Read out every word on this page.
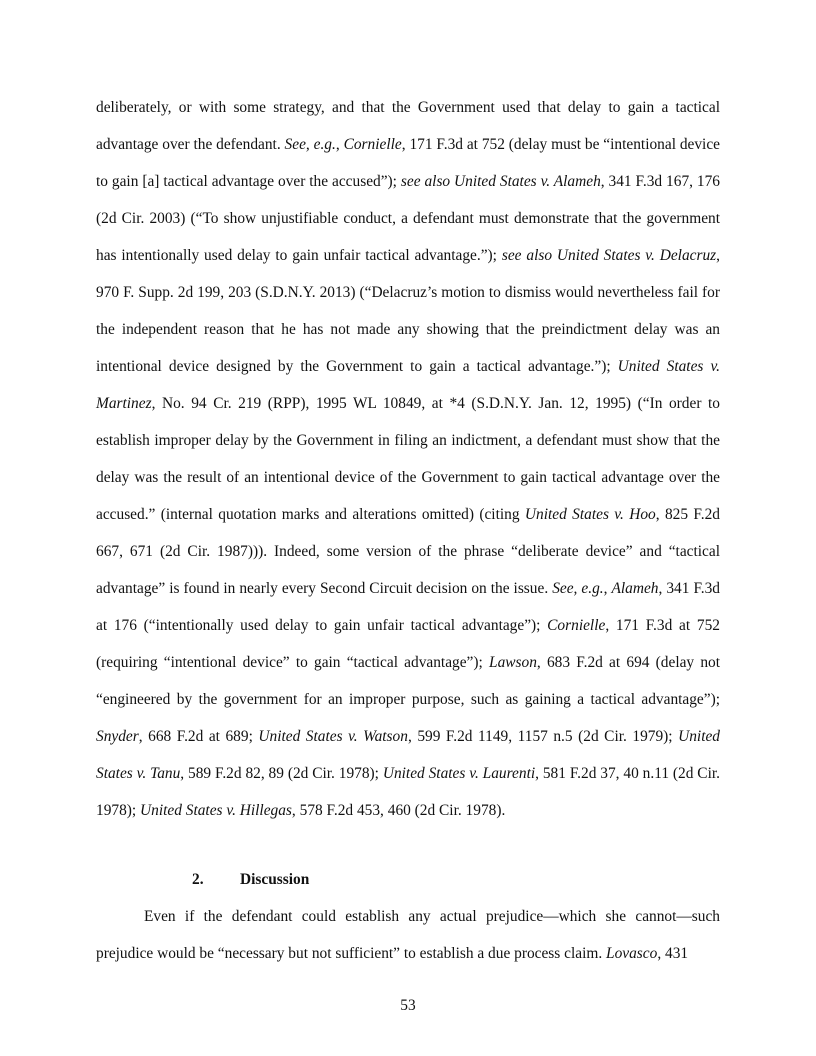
deliberately, or with some strategy, and that the Government used that delay to gain a tactical advantage over the defendant. See, e.g., Cornielle, 171 F.3d at 752 (delay must be “intentional device to gain [a] tactical advantage over the accused”); see also United States v. Alameh, 341 F.3d 167, 176 (2d Cir. 2003) (“To show unjustifiable conduct, a defendant must demonstrate that the government has intentionally used delay to gain unfair tactical advantage.”); see also United States v. Delacruz, 970 F. Supp. 2d 199, 203 (S.D.N.Y. 2013) (“Delacruz’s motion to dismiss would nevertheless fail for the independent reason that he has not made any showing that the preindictment delay was an intentional device designed by the Government to gain a tactical advantage.”); United States v. Martinez, No. 94 Cr. 219 (RPP), 1995 WL 10849, at *4 (S.D.N.Y. Jan. 12, 1995) (“In order to establish improper delay by the Government in filing an indictment, a defendant must show that the delay was the result of an intentional device of the Government to gain tactical advantage over the accused.” (internal quotation marks and alterations omitted) (citing United States v. Hoo, 825 F.2d 667, 671 (2d Cir. 1987))). Indeed, some version of the phrase “deliberate device” and “tactical advantage” is found in nearly every Second Circuit decision on the issue. See, e.g., Alameh, 341 F.3d at 176 (“intentionally used delay to gain unfair tactical advantage”); Cornielle, 171 F.3d at 752 (requiring “intentional device” to gain “tactical advantage”); Lawson, 683 F.2d at 694 (delay not “engineered by the government for an improper purpose, such as gaining a tactical advantage”); Snyder, 668 F.2d at 689; United States v. Watson, 599 F.2d 1149, 1157 n.5 (2d Cir. 1979); United States v. Tanu, 589 F.2d 82, 89 (2d Cir. 1978); United States v. Laurenti, 581 F.2d 37, 40 n.11 (2d Cir. 1978); United States v. Hillegas, 578 F.2d 453, 460 (2d Cir. 1978).

2. Discussion

Even if the defendant could establish any actual prejudice—which she cannot—such prejudice would be “necessary but not sufficient” to establish a due process claim. Lovasco, 431

53
